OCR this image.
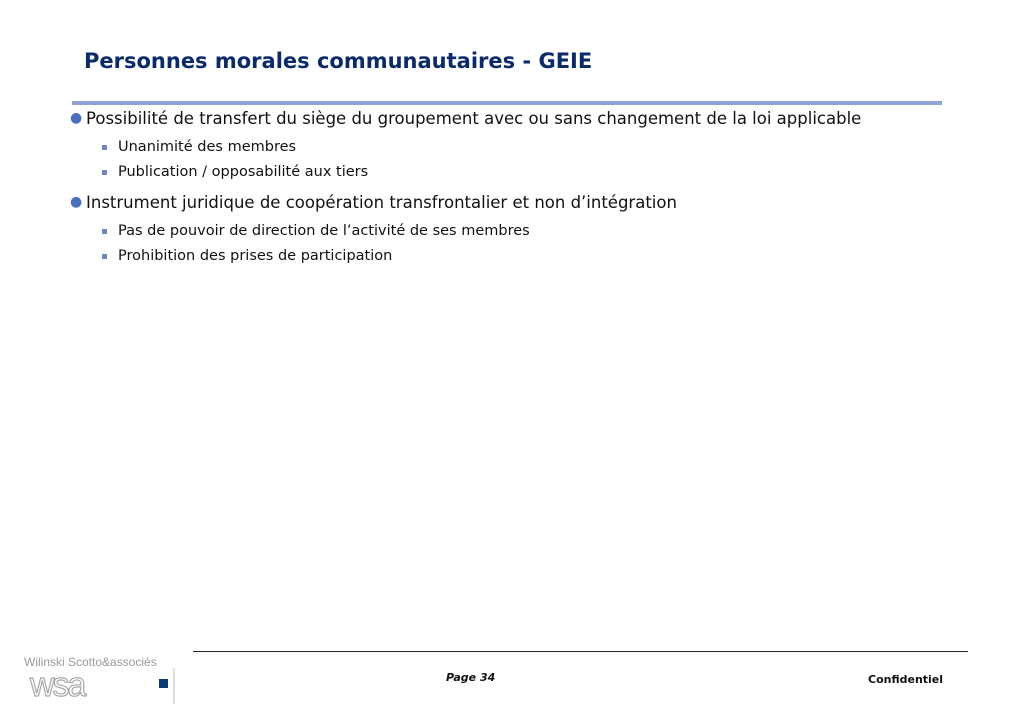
Personnes morales communautaires - GEIE
● Possibilité de transfert du siège du groupement avec ou sans changement de la loi applicable
Unanimité des membres
Publication / opposabilité aux tiers
● Instrument juridique de coopération transfrontalier et non d’intégration
Pas de pouvoir de direction de l’activité de ses membres
Prohibition des prises de participation
Wilinski Scotto&associés
wsa	Page 34	Confidentiel
